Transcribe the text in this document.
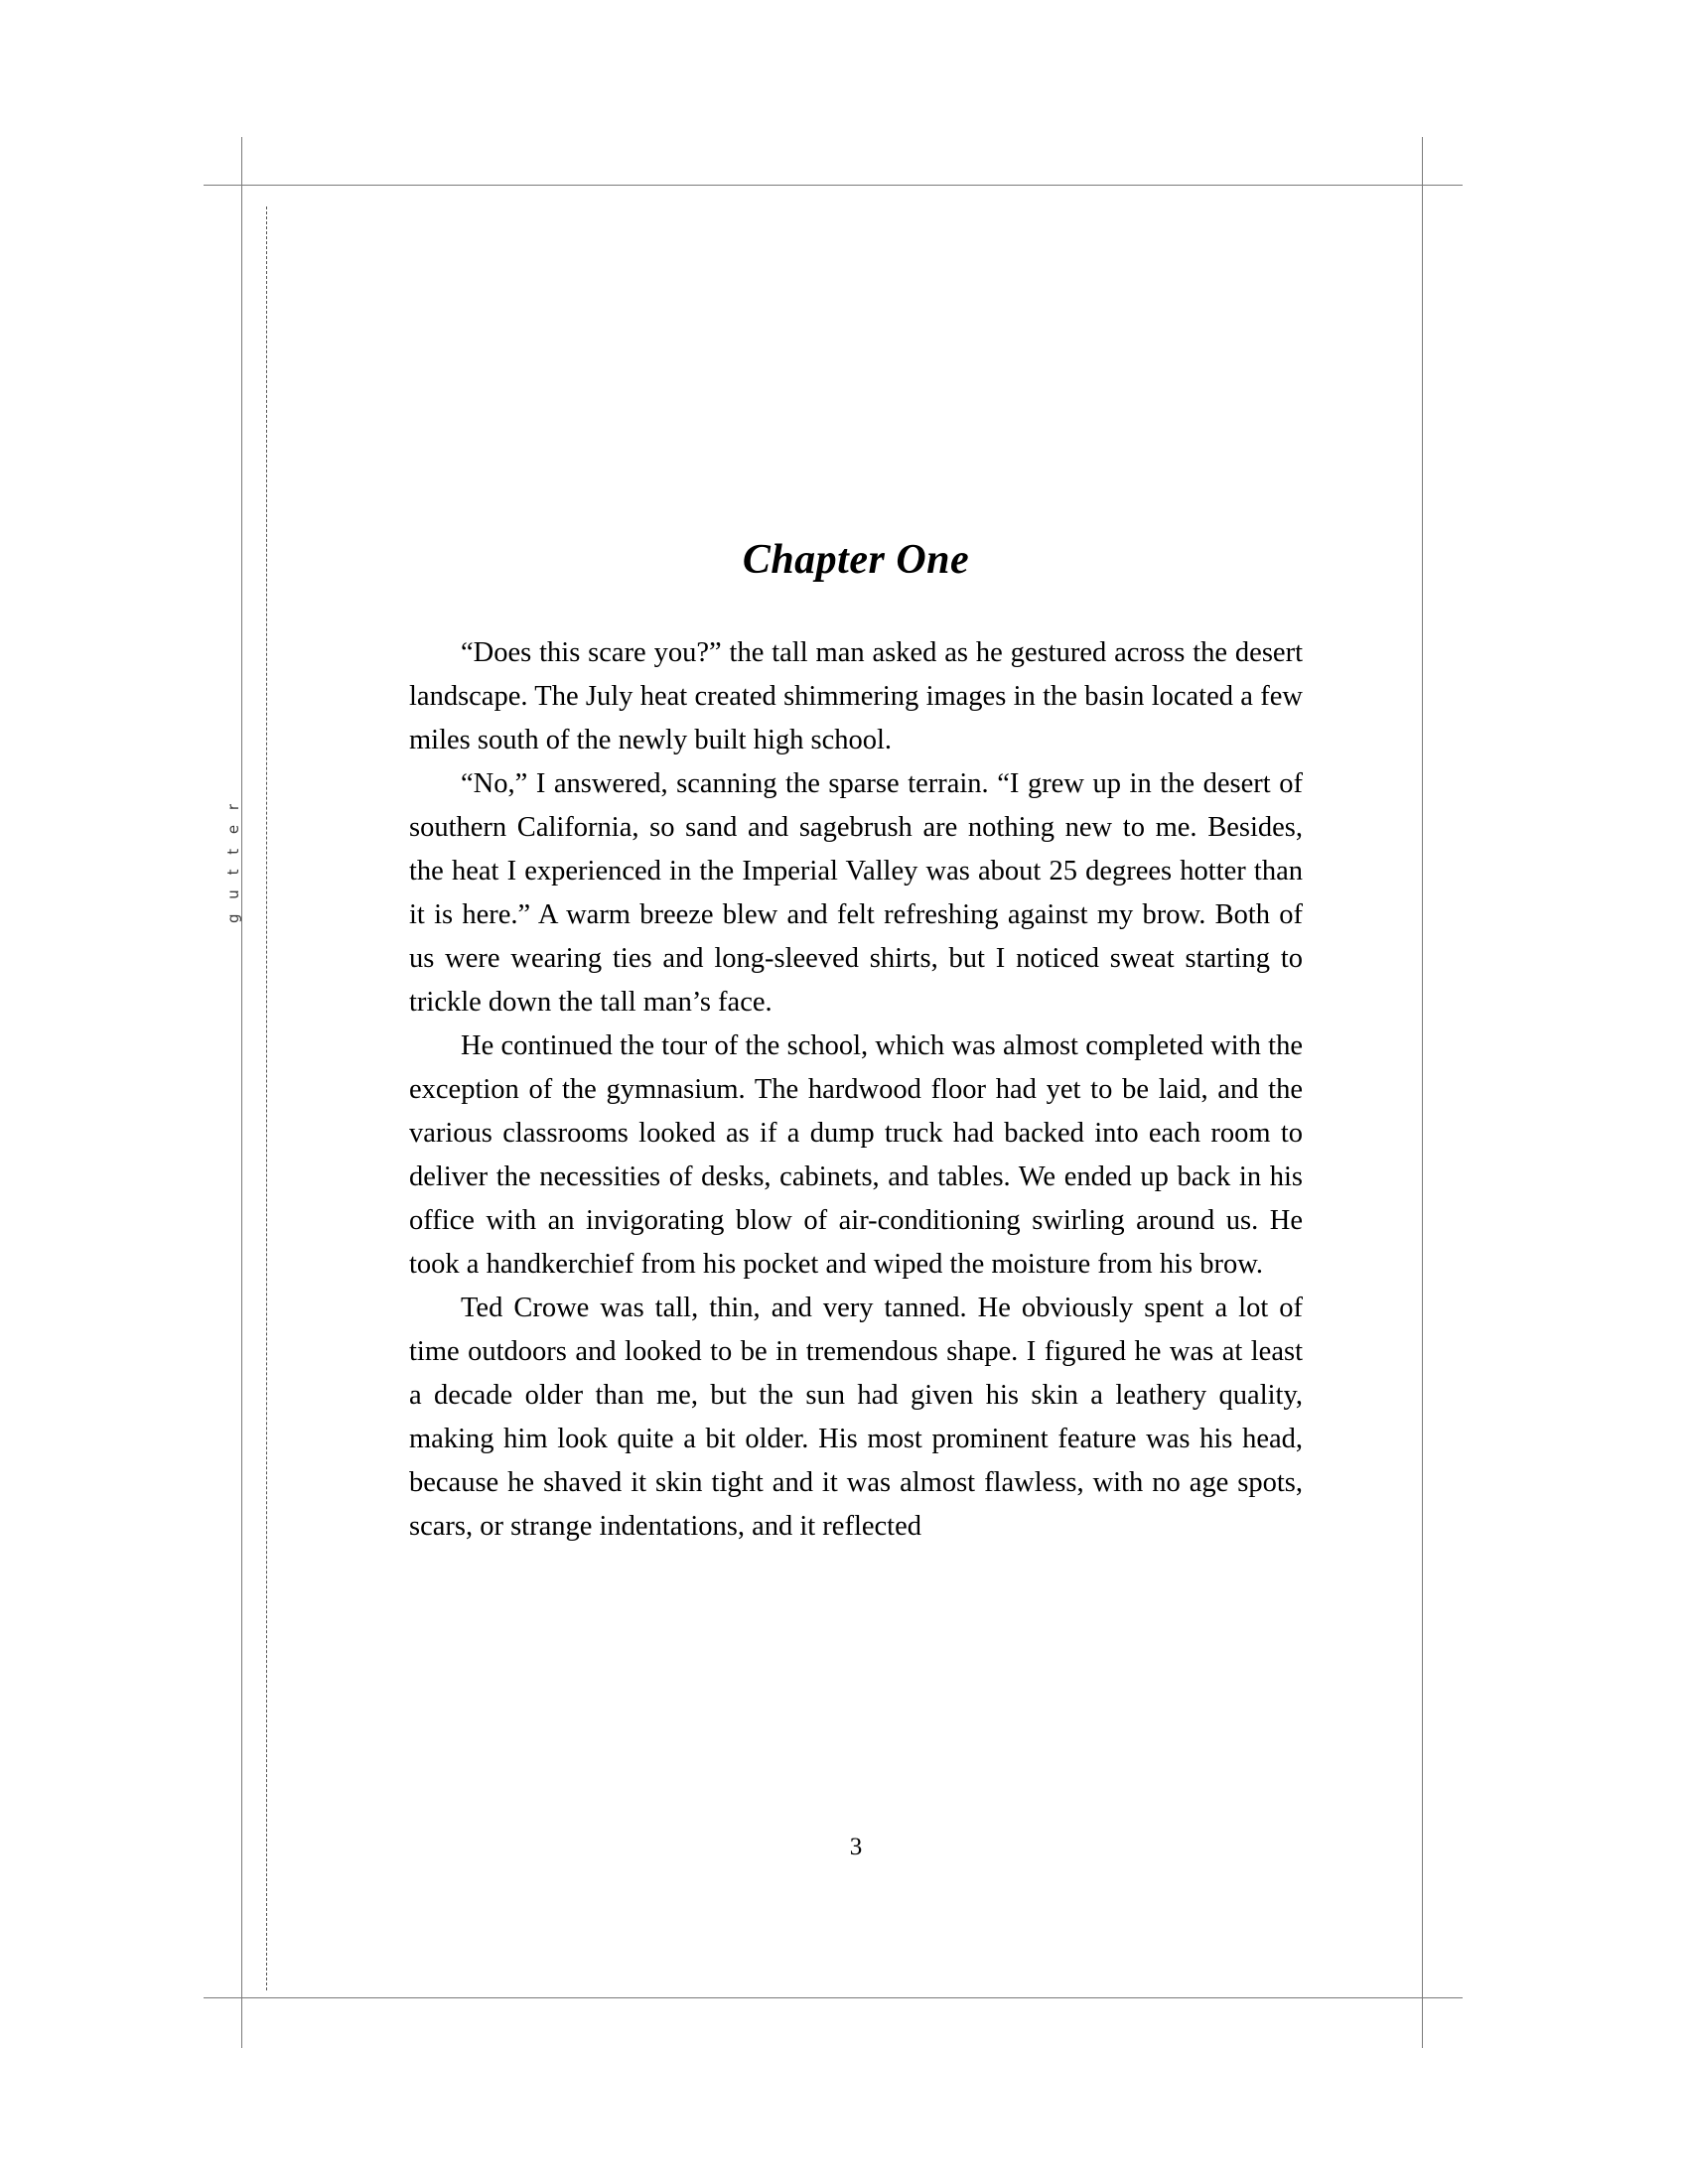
g u t t e r
Chapter One

“Does this scare you?” the tall man asked as he gestured across the desert landscape. The July heat created shimmering images in the basin located a few miles south of the newly built high school.

“No,” I answered, scanning the sparse terrain. “I grew up in the desert of southern California, so sand and sagebrush are nothing new to me. Besides, the heat I experienced in the Imperial Valley was about 25 degrees hotter than it is here.” A warm breeze blew and felt refreshing against my brow. Both of us were wearing ties and long-sleeved shirts, but I noticed sweat starting to trickle down the tall man’s face.

He continued the tour of the school, which was almost completed with the exception of the gymnasium. The hardwood floor had yet to be laid, and the various classrooms looked as if a dump truck had backed into each room to deliver the necessities of desks, cabinets, and tables. We ended up back in his office with an invigorating blow of air-conditioning swirling around us. He took a handkerchief from his pocket and wiped the moisture from his brow.

Ted Crowe was tall, thin, and very tanned. He obviously spent a lot of time outdoors and looked to be in tremendous shape. I figured he was at least a decade older than me, but the sun had given his skin a leathery quality, making him look quite a bit older. His most prominent feature was his head, because he shaved it skin tight and it was almost flawless, with no age spots, scars, or strange indentations, and it reflected

3
